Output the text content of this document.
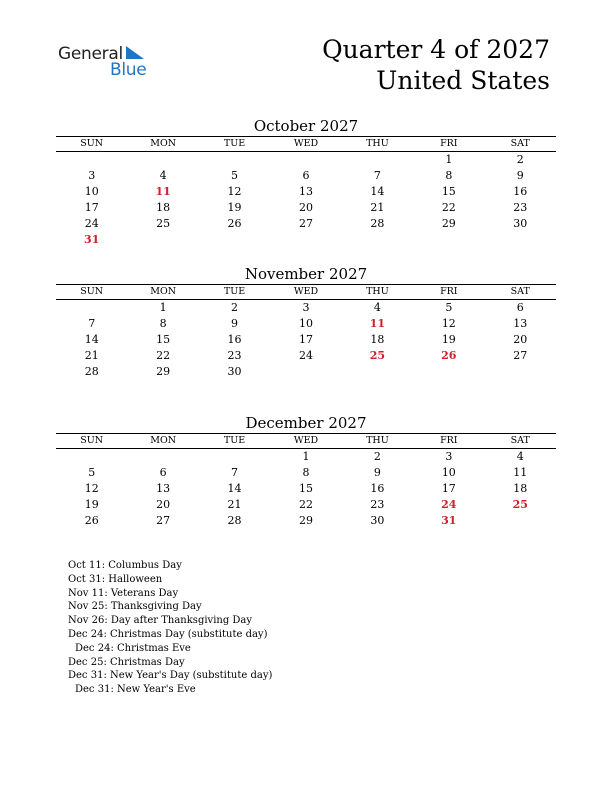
General
Blue
Quarter 4 of 2027
United States
October 2027
SUN	MON	TUE	WED	THU	FRI	SAT
					1	2
3	4	5	6	7	8	9
10	11	12	13	14	15	16
17	18	19	20	21	22	23
24	25	26	27	28	29	30
31						
November 2027
SUN	MON	TUE	WED	THU	FRI	SAT
	1	2	3	4	5	6
7	8	9	10	11	12	13
14	15	16	17	18	19	20
21	22	23	24	25	26	27
28	29	30				
December 2027
SUN	MON	TUE	WED	THU	FRI	SAT
			1	2	3	4
5	6	7	8	9	10	11
12	13	14	15	16	17	18
19	20	21	22	23	24	25
26	27	28	29	30	31	
Oct 11: Columbus Day
Oct 31: Halloween
Nov 11: Veterans Day
Nov 25: Thanksgiving Day
Nov 26: Day after Thanksgiving Day
Dec 24: Christmas Day (substitute day)
Dec 24: Christmas Eve
Dec 25: Christmas Day
Dec 31: New Year's Day (substitute day)
Dec 31: New Year's Eve
